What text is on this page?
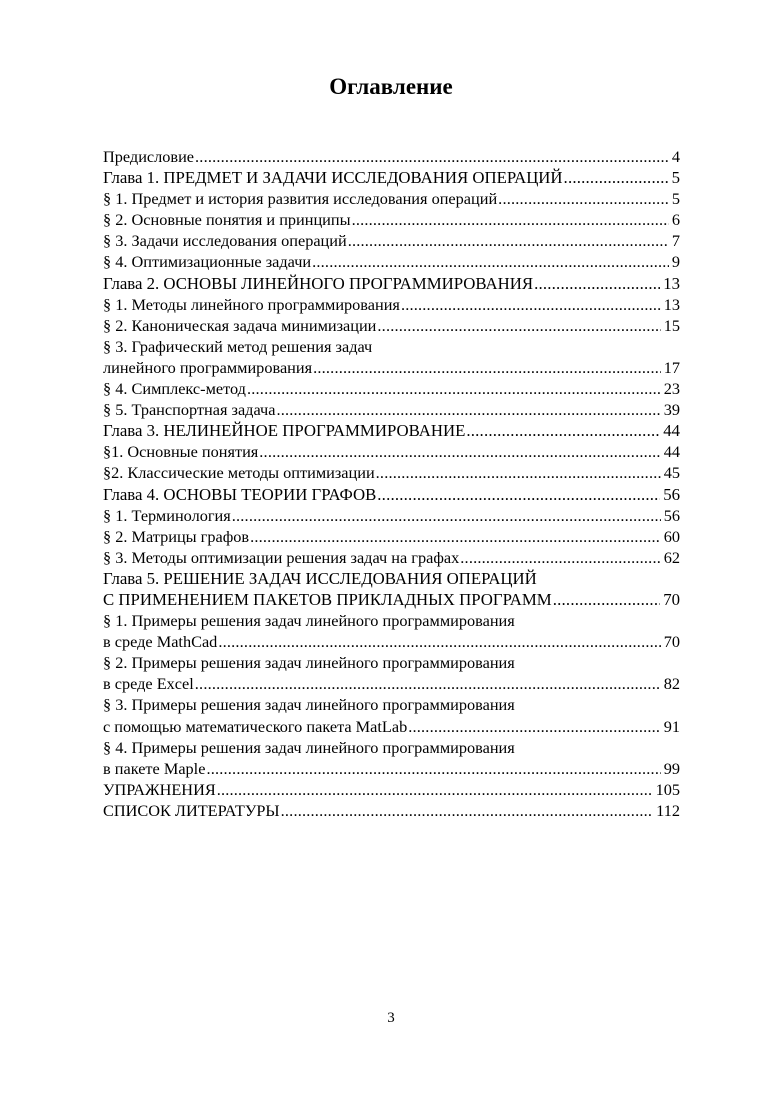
Оглавление
Предисловие .....	4
Глава 1. ПРЕДМЕТ И ЗАДАЧИ ИССЛЕДОВАНИЯ ОПЕРАЦИЙ .....	5
§ 1. Предмет и история развития исследования операций .....	5
§ 2. Основные понятия и принципы .....	6
§ 3. Задачи исследования операций .....	7
§ 4. Оптимизационные задачи .....	9
Глава 2. ОСНОВЫ ЛИНЕЙНОГО ПРОГРАММИРОВАНИЯ .....	13
§ 1. Методы линейного программирования .....	13
§ 2. Каноническая задача минимизации .....	15
§ 3. Графический метод решения задач
линейного программирования .....	17
§ 4. Симплекс-метод .....	23
§ 5. Транспортная задача .....	39
Глава 3. НЕЛИНЕЙНОЕ ПРОГРАММИРОВАНИЕ .....	44
§1. Основные понятия .....	44
§2. Классические методы оптимизации .....	45
Глава 4. ОСНОВЫ ТЕОРИИ ГРАФОВ .....	56
§ 1. Терминология .....	56
§ 2. Матрицы графов .....	60
§ 3. Методы оптимизации решения задач на графах .....	62
Глава 5. РЕШЕНИЕ ЗАДАЧ ИССЛЕДОВАНИЯ ОПЕРАЦИЙ
С ПРИМЕНЕНИЕМ ПАКЕТОВ ПРИКЛАДНЫХ ПРОГРАММ .....	70
§ 1. Примеры решения задач линейного программирования
в среде MathCad .....	70
§ 2. Примеры решения задач линейного программирования
в среде Excel .....	82
§ 3. Примеры решения задач линейного программирования
с помощью математического пакета MatLab .....	91
§ 4. Примеры решения задач линейного программирования
в пакете Maple .....	99
УПРАЖНЕНИЯ .....	105
СПИСОК ЛИТЕРАТУРЫ .....	112
3
